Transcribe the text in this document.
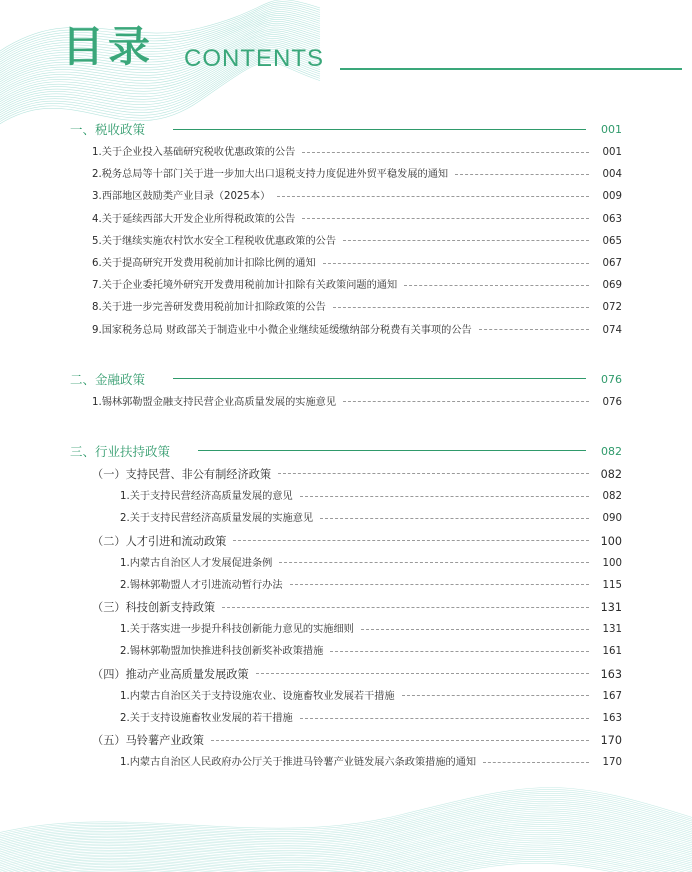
目录 CONTENTS
一、税收政策	001
1.关于企业投入基础研究税收优惠政策的公告	001
2.税务总局等十部门关于进一步加大出口退税支持力度促进外贸平稳发展的通知	004
3.西部地区鼓励类产业目录（2025本）	009
4.关于延续西部大开发企业所得税政策的公告	063
5.关于继续实施农村饮水安全工程税收优惠政策的公告	065
6.关于提高研究开发费用税前加计扣除比例的通知	067
7.关于企业委托境外研究开发费用税前加计扣除有关政策问题的通知	069
8.关于进一步完善研发费用税前加计扣除政策的公告	072
9.国家税务总局 财政部关于制造业中小微企业继续延缓缴纳部分税费有关事项的公告	074
二、金融政策	076
1.锡林郭勒盟金融支持民营企业高质量发展的实施意见	076
三、行业扶持政策	082
（一）支持民营、非公有制经济政策	082
1.关于支持民营经济高质量发展的意见	082
2.关于支持民营经济高质量发展的实施意见	090
（二）人才引进和流动政策	100
1.内蒙古自治区人才发展促进条例	100
2.锡林郭勒盟人才引进流动暂行办法	115
（三）科技创新支持政策	131
1.关于落实进一步提升科技创新能力意见的实施细则	131
2.锡林郭勒盟加快推进科技创新奖补政策措施	161
（四）推动产业高质量发展政策	163
1.内蒙古自治区关于支持设施农业、设施畜牧业发展若干措施	167
2.关于支持设施畜牧业发展的若干措施	163
（五）马铃薯产业政策	170
1.内蒙古自治区人民政府办公厅关于推进马铃薯产业链发展六条政策措施的通知	170
